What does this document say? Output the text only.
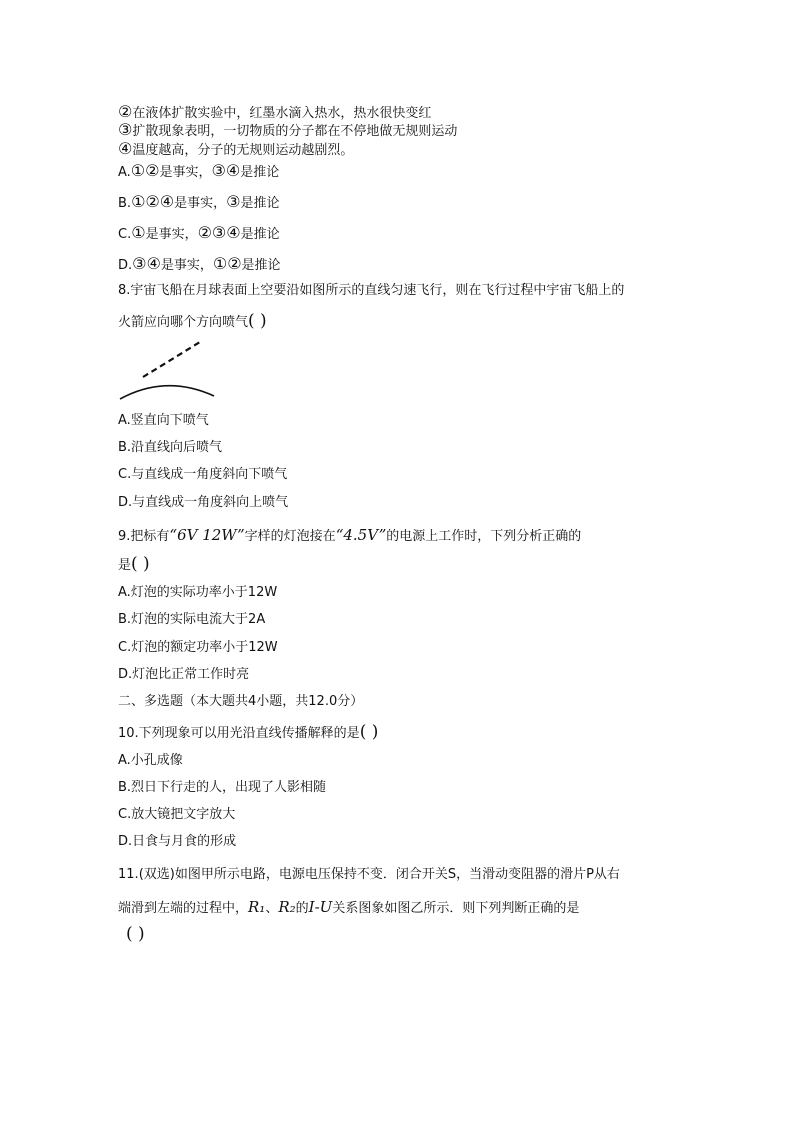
②在液体扩散实验中，红墨水滴入热水，热水很快变红
③扩散现象表明，一切物质的分子都在不停地做无规则运动
④温度越高，分子的无规则运动越剧烈。
A.①②是事实，③④是推论
B.①②④是事实，③是推论
C.①是事实，②③④是推论
D.③④是事实，①②是推论
8.宇宙飞船在月球表面上空要沿如图所示的直线匀速飞行，则在飞行过程中宇宙飞船上的
火箭应向哪个方向喷气( )
A.竖直向下喷气
B.沿直线向后喷气
C.与直线成一角度斜向下喷气
D.与直线成一角度斜向上喷气
9.把标有“6V 12W”字样的灯泡接在“4.5V”的电源上工作时，下列分析正确的
是( )
A.灯泡的实际功率小于12W
B.灯泡的实际电流大于2A
C.灯泡的额定功率小于12W
D.灯泡比正常工作时亮
二、多选题（本大题共4小题，共12.0分）
10.下列现象可以用光沿直线传播解释的是( )
A.小孔成像
B.烈日下行走的人，出现了人影相随
C.放大镜把文字放大
D.日食与月食的形成
11.(双选)如图甲所示电路，电源电压保持不变．闭合开关S，当滑动变阻器的滑片P从右
端滑到左端的过程中，R₁、R₂的I-U关系图象如图乙所示．则下列判断正确的是
( )
